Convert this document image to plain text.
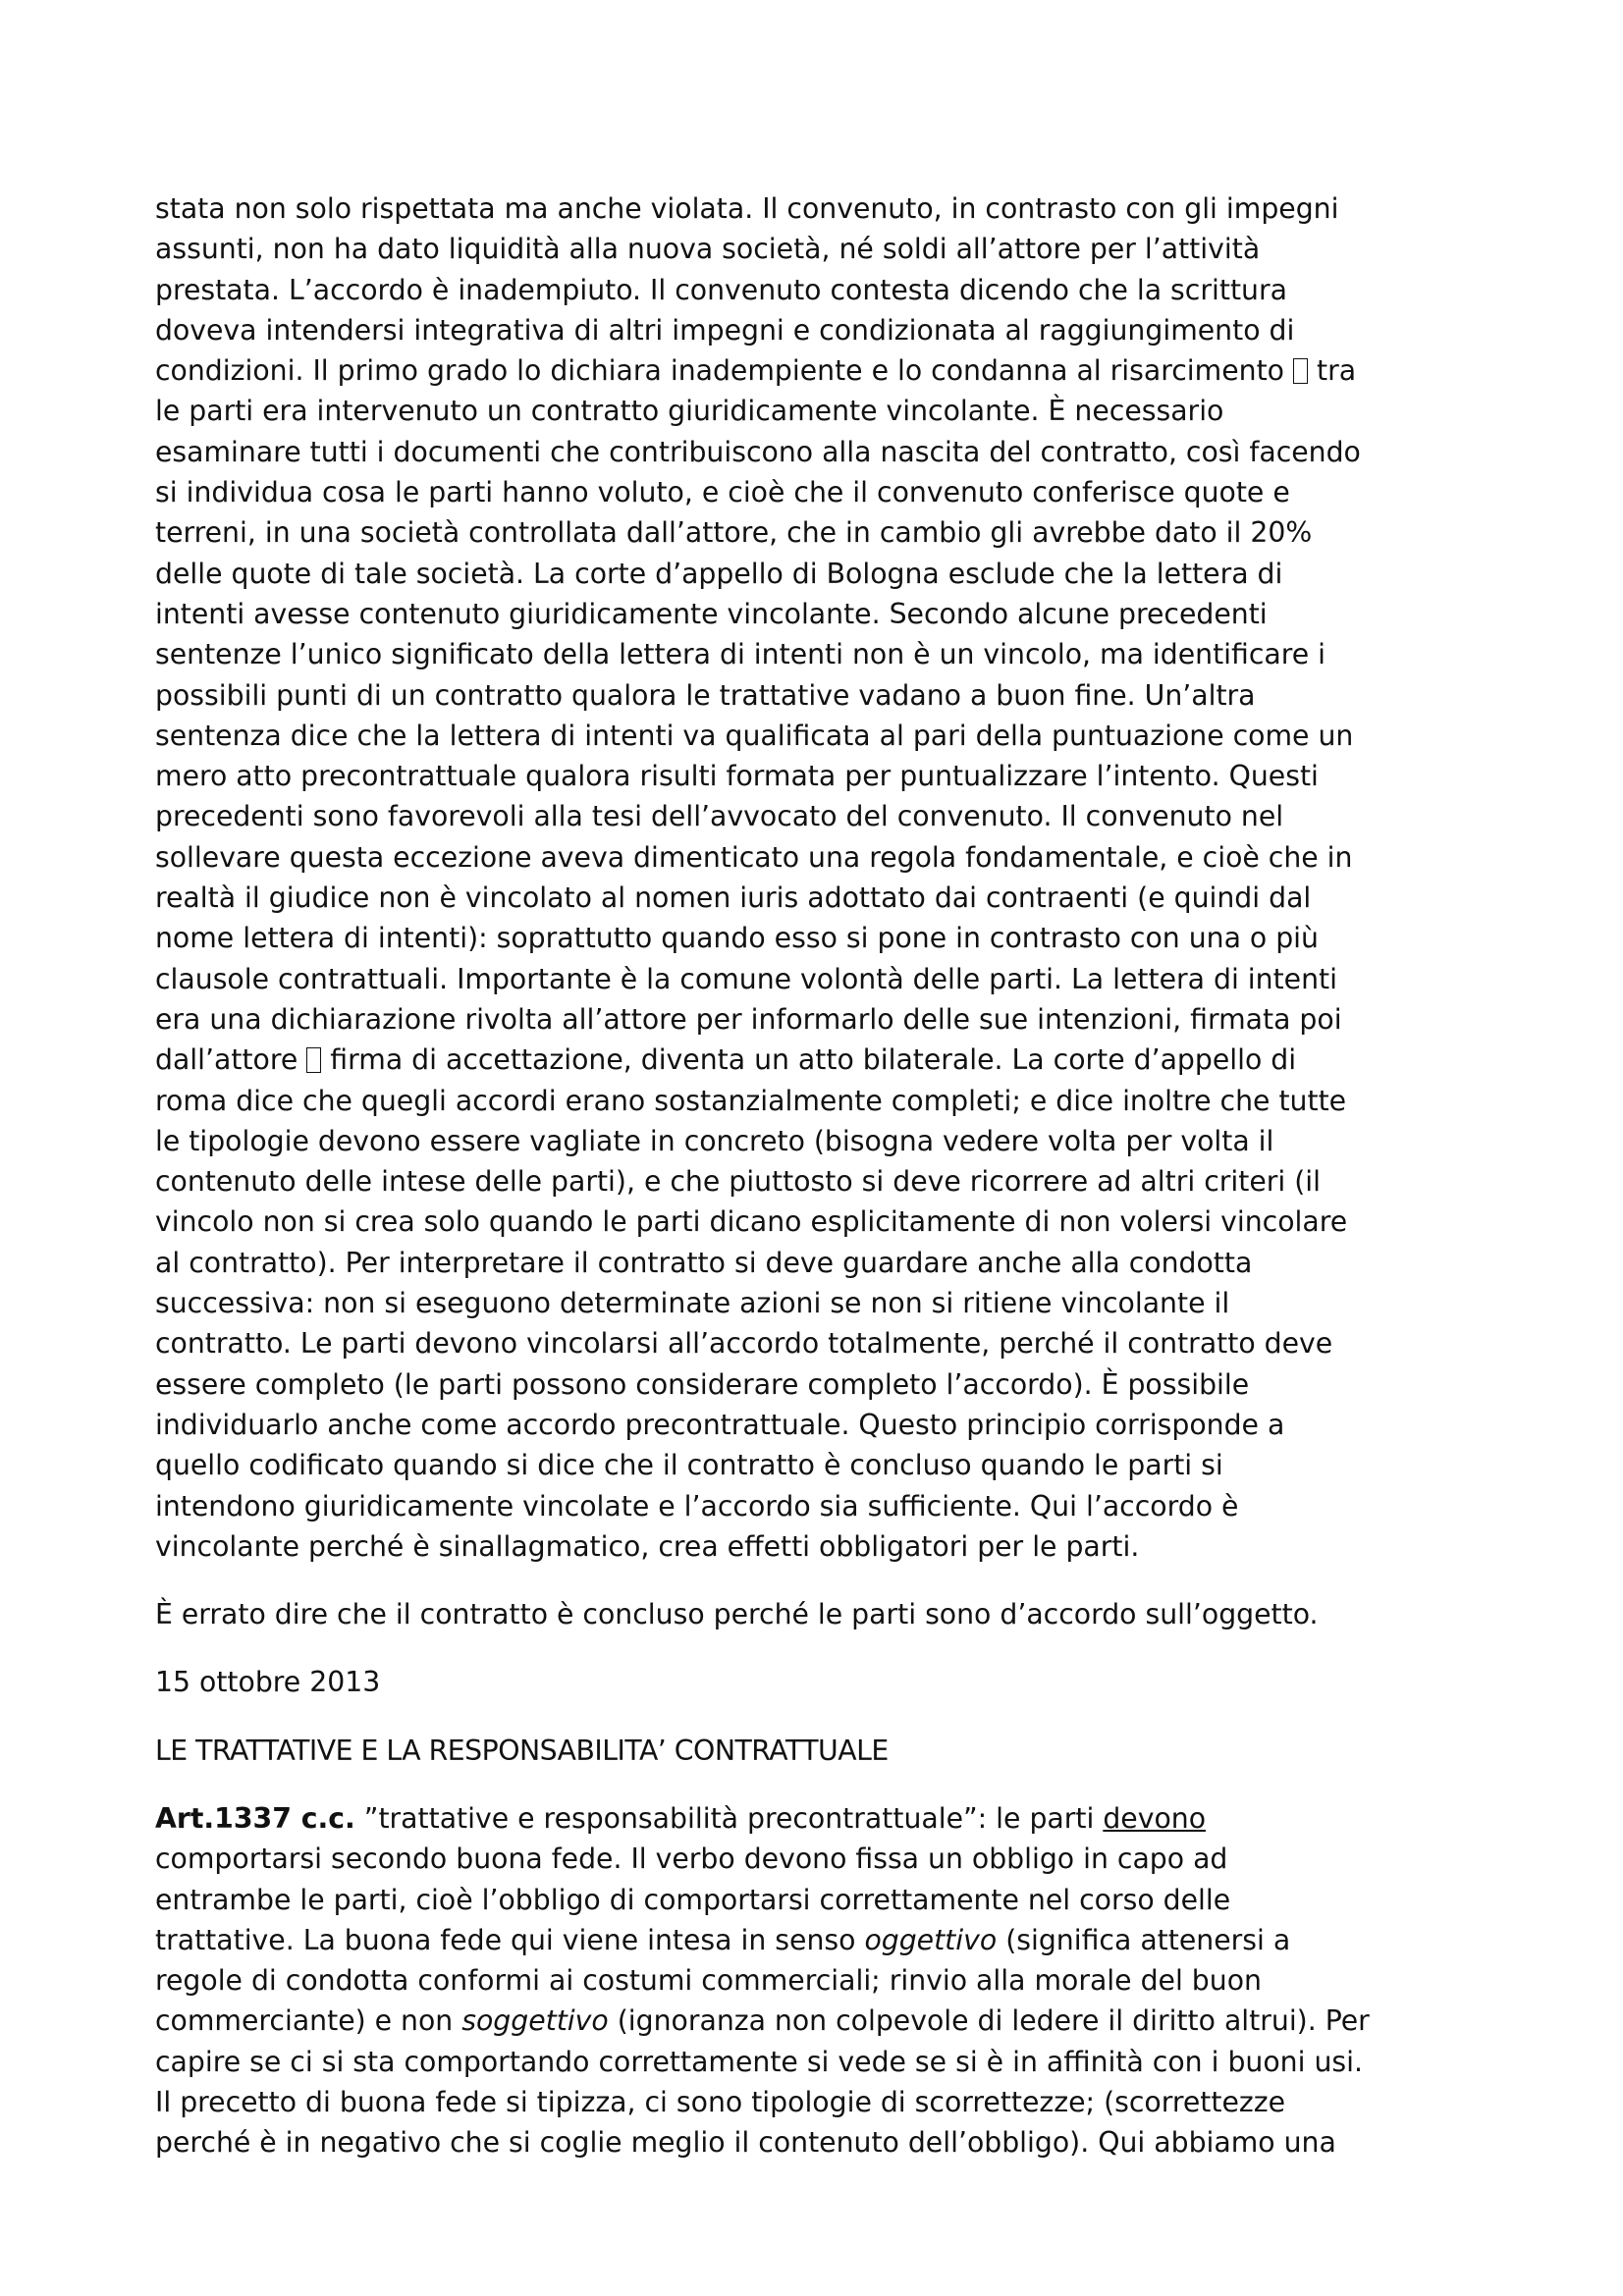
stata non solo rispettata ma anche violata. Il convenuto, in contrasto con gli impegni
assunti, non ha dato liquidità alla nuova società, né soldi all’attore per l’attività
prestata. L’accordo è inadempiuto. Il convenuto contesta dicendo che la scrittura
doveva intendersi integrativa di altri impegni e condizionata al raggiungimento di
condizioni. Il primo grado lo dichiara inadempiente e lo condanna al risarcimento tra
le parti era intervenuto un contratto giuridicamente vincolante. È necessario
esaminare tutti i documenti che contribuiscono alla nascita del contratto, così facendo
si individua cosa le parti hanno voluto, e cioè che il convenuto conferisce quote e
terreni, in una società controllata dall’attore, che in cambio gli avrebbe dato il 20%
delle quote di tale società. La corte d’appello di Bologna esclude che la lettera di
intenti avesse contenuto giuridicamente vincolante. Secondo alcune precedenti
sentenze l’unico significato della lettera di intenti non è un vincolo, ma identificare i
possibili punti di un contratto qualora le trattative vadano a buon fine. Un’altra
sentenza dice che la lettera di intenti va qualificata al pari della puntuazione come un
mero atto precontrattuale qualora risulti formata per puntualizzare l’intento. Questi
precedenti sono favorevoli alla tesi dell’avvocato del convenuto. Il convenuto nel
sollevare questa eccezione aveva dimenticato una regola fondamentale, e cioè che in
realtà il giudice non è vincolato al nomen iuris adottato dai contraenti (e quindi dal
nome lettera di intenti): soprattutto quando esso si pone in contrasto con una o più
clausole contrattuali. Importante è la comune volontà delle parti. La lettera di intenti
era una dichiarazione rivolta all’attore per informarlo delle sue intenzioni, firmata poi
dall’attore firma di accettazione, diventa un atto bilaterale. La corte d’appello di
roma dice che quegli accordi erano sostanzialmente completi; e dice inoltre che tutte
le tipologie devono essere vagliate in concreto (bisogna vedere volta per volta il
contenuto delle intese delle parti), e che piuttosto si deve ricorrere ad altri criteri (il
vincolo non si crea solo quando le parti dicano esplicitamente di non volersi vincolare
al contratto). Per interpretare il contratto si deve guardare anche alla condotta
successiva: non si eseguono determinate azioni se non si ritiene vincolante il
contratto. Le parti devono vincolarsi all’accordo totalmente, perché il contratto deve
essere completo (le parti possono considerare completo l’accordo). È possibile
individuarlo anche come accordo precontrattuale. Questo principio corrisponde a
quello codificato quando si dice che il contratto è concluso quando le parti si
intendono giuridicamente vincolate e l’accordo sia sufficiente. Qui l’accordo è
vincolante perché è sinallagmatico, crea effetti obbligatori per le parti.
È errato dire che il contratto è concluso perché le parti sono d’accordo sull’oggetto.
15 ottobre 2013
LE TRATTATIVE E LA RESPONSABILITA’ CONTRATTUALE
Art.1337 c.c. ”trattative e responsabilità precontrattuale”: le parti devono
comportarsi secondo buona fede. Il verbo devono fissa un obbligo in capo ad
entrambe le parti, cioè l’obbligo di comportarsi correttamente nel corso delle
trattative. La buona fede qui viene intesa in senso oggettivo (significa attenersi a
regole di condotta conformi ai costumi commerciali; rinvio alla morale del buon
commerciante) e non soggettivo (ignoranza non colpevole di ledere il diritto altrui). Per
capire se ci si sta comportando correttamente si vede se si è in affinità con i buoni usi.
Il precetto di buona fede si tipizza, ci sono tipologie di scorrettezze; (scorrettezze
perché è in negativo che si coglie meglio il contenuto dell’obbligo). Qui abbiamo una
